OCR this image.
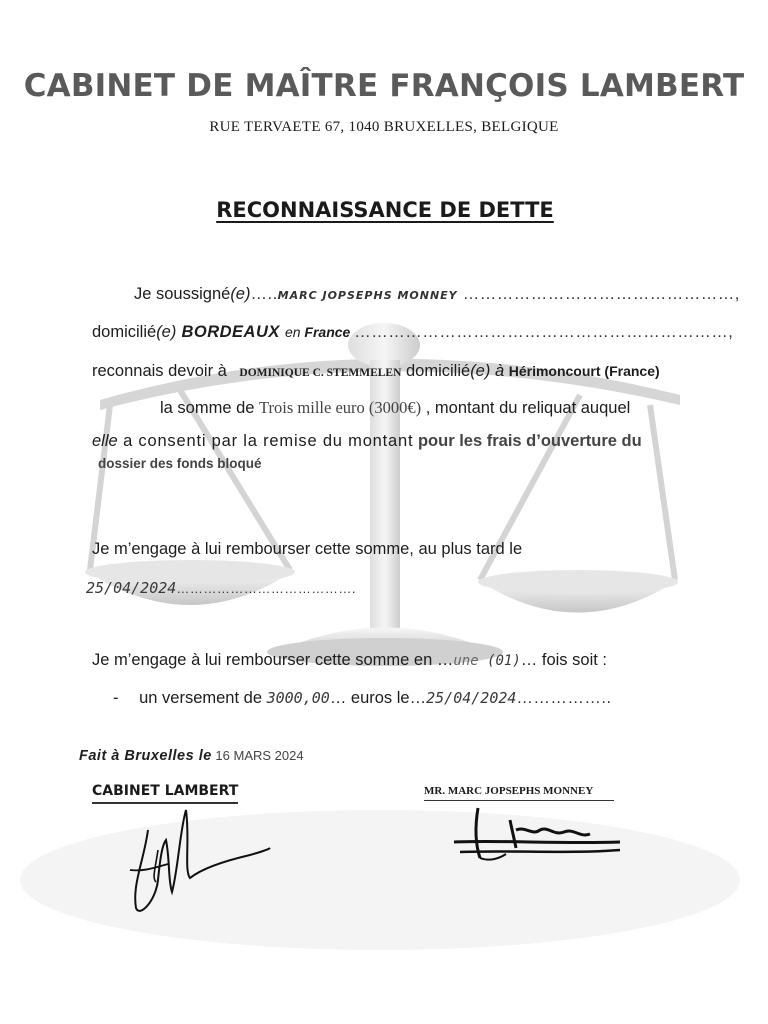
CABINET DE MAÎTRE FRANÇOIS LAMBERT
RUE TERVAETE 67, 1040 BRUXELLES, BELGIQUE
RECONNAISSANCE DE DETTE
Je soussigné(e)…..MARC JOPSEPHS MONNEY …………………………………………,
domicilié(e) BORDEAUX en France …………………………………………………………,
reconnais devoir à DOMINIQUE C. STEMMELEN domicilié(e) à Hérimoncourt (France)
la somme de Trois mille euro (3000€) , montant du reliquat auquel
elle a consenti par la remise du montant pour les frais d’ouverture du
dossier des fonds bloqué
Je m’engage à lui rembourser cette somme, au plus tard le
25/04/2024………………………………….
Je m’engage à lui rembourser cette somme en …une (01)… fois soit :
- un versement de 3000,00… euros le…25/04/2024……………..
Fait à Bruxelles le 16 MARS 2024
CABINET LAMBERT	MR. MARC JOPSEPHS MONNEY
